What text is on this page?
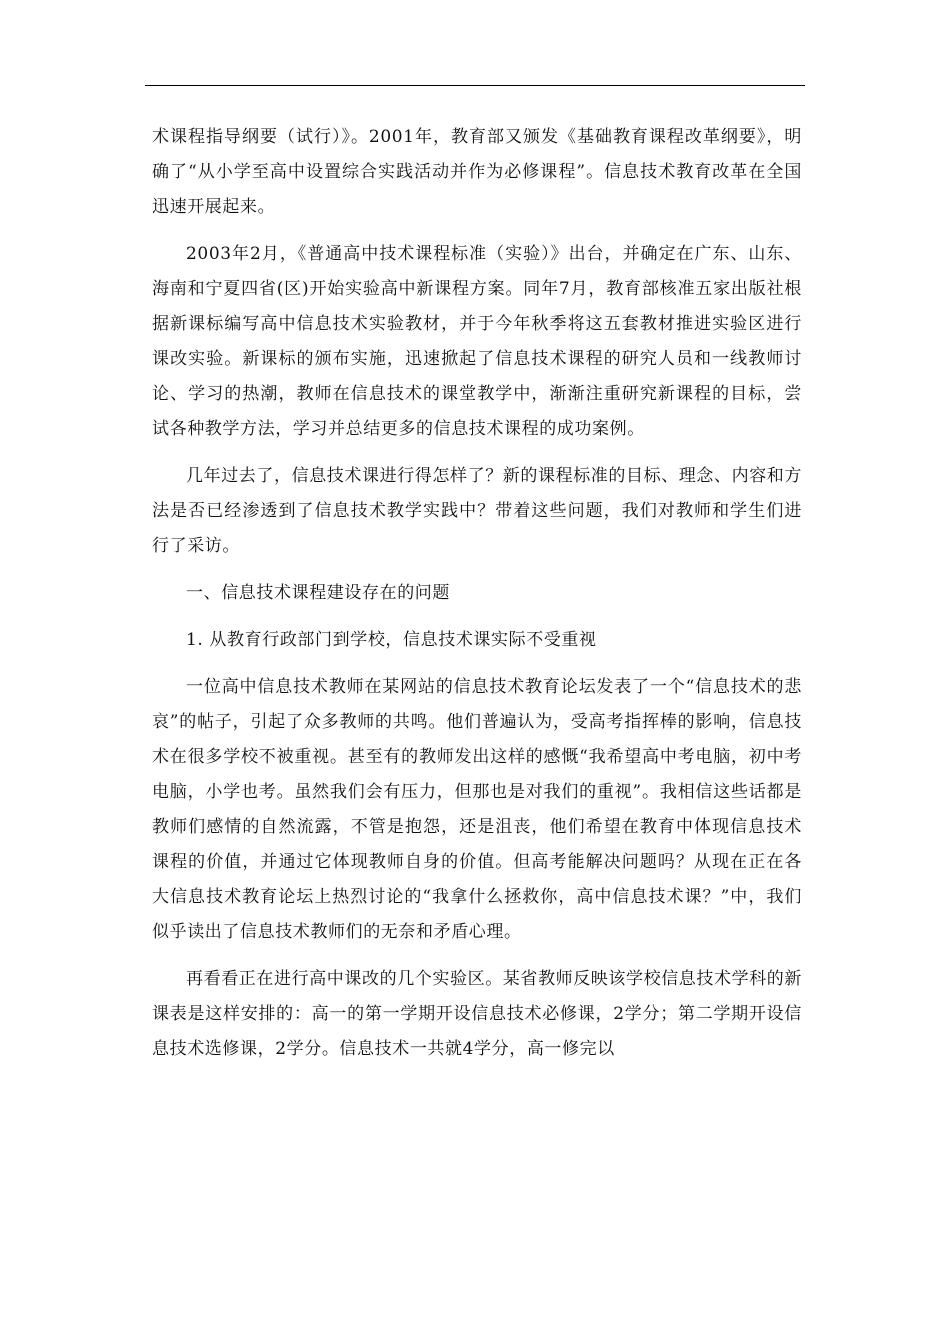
术课程指导纲要（试行）》。2001年，教育部又颁发《基础教育课程改革纲要》，明确了“从小学至高中设置综合实践活动并作为必修课程”。信息技术教育改革在全国迅速开展起来。

2003年2月，《普通高中技术课程标准（实验）》出台，并确定在广东、山东、海南和宁夏四省(区)开始实验高中新课程方案。同年7月，教育部核准五家出版社根据新课标编写高中信息技术实验教材，并于今年秋季将这五套教材推进实验区进行课改实验。新课标的颁布实施，迅速掀起了信息技术课程的研究人员和一线教师讨论、学习的热潮，教师在信息技术的课堂教学中，渐渐注重研究新课程的目标，尝试各种教学方法，学习并总结更多的信息技术课程的成功案例。

几年过去了，信息技术课进行得怎样了？新的课程标准的目标、理念、内容和方法是否已经渗透到了信息技术教学实践中？带着这些问题，我们对教师和学生们进行了采访。

一、信息技术课程建设存在的问题

1. 从教育行政部门到学校，信息技术课实际不受重视

一位高中信息技术教师在某网站的信息技术教育论坛发表了一个“信息技术的悲哀”的帖子，引起了众多教师的共鸣。他们普遍认为，受高考指挥棒的影响，信息技术在很多学校不被重视。甚至有的教师发出这样的感慨“我希望高中考电脑，初中考电脑，小学也考。虽然我们会有压力，但那也是对我们的重视”。我相信这些话都是教师们感情的自然流露，不管是抱怨，还是沮丧，他们希望在教育中体现信息技术课程的价值，并通过它体现教师自身的价值。但高考能解决问题吗？从现在正在各大信息技术教育论坛上热烈讨论的“我拿什么拯救你，高中信息技术课？”中，我们似乎读出了信息技术教师们的无奈和矛盾心理。

再看看正在进行高中课改的几个实验区。某省教师反映该学校信息技术学科的新课表是这样安排的：高一的第一学期开设信息技术必修课，2学分；第二学期开设信息技术选修课，2学分。信息技术一共就4学分，高一修完以
